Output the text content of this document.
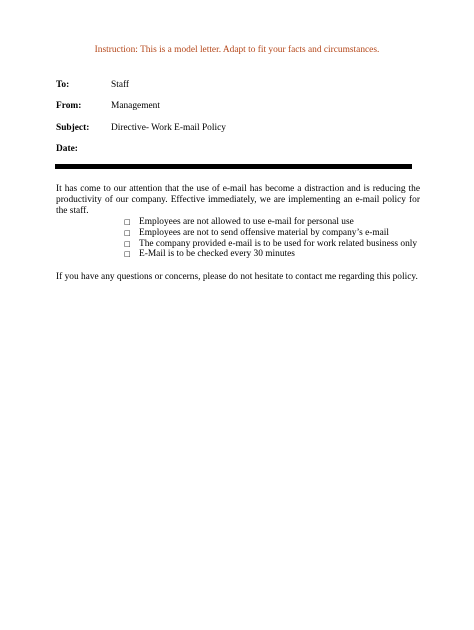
Instruction: This is a model letter. Adapt to fit your facts and circumstances.
To:	Staff
From:	Management
Subject: Directive- Work E-mail Policy
Date:
It has come to our attention that the use of e-mail has become a distraction and is reducing the productivity of our company. Effective immediately, we are implementing an e-mail policy for the staff.
□ Employees are not allowed to use e-mail for personal use
□ Employees are not to send offensive material by company’s e-mail
□ The company provided e-mail is to be used for work related business only
□ E-Mail is to be checked every 30 minutes
If you have any questions or concerns, please do not hesitate to contact me regarding this policy.
